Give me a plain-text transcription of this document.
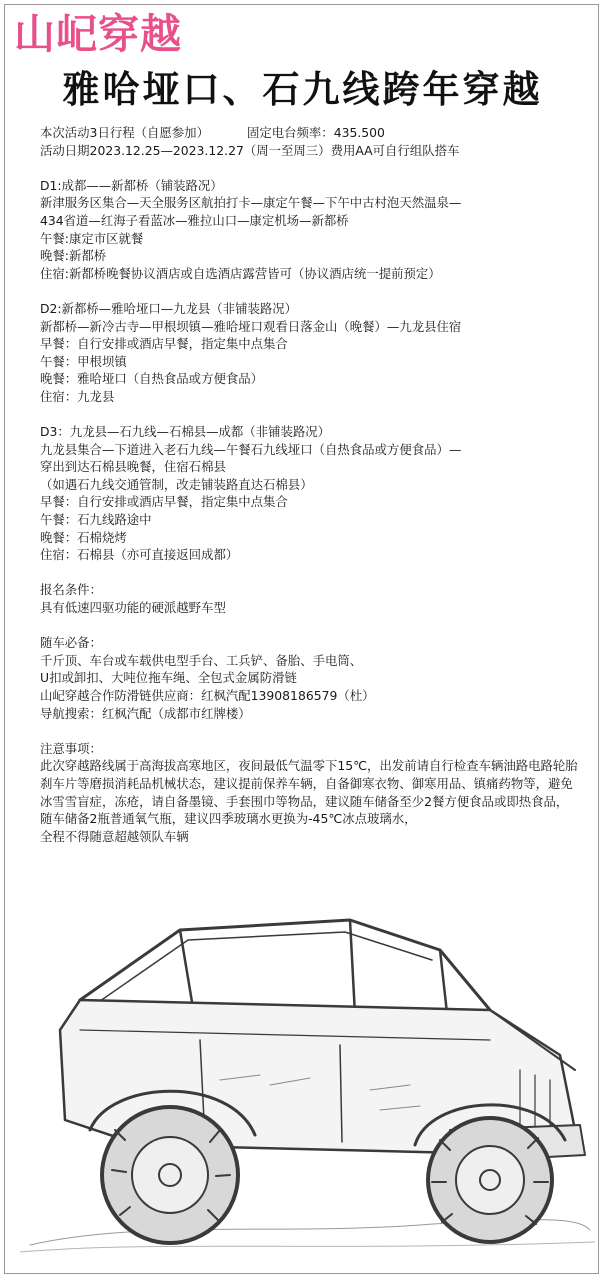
山屺穿越
雅哈垭口、石九线跨年穿越
本次活动3日行程（自愿参加）	固定电台频率：435.500
活动日期2023.12.25—2023.12.27（周一至周三）费用AA可自行组队搭车
D1:成都——新都桥（铺装路况）
新津服务区集合—天全服务区航拍打卡—康定午餐—下午中古村泡天然温泉—
434省道—红海子看蓝冰—雅拉山口—康定机场—新都桥
午餐:康定市区就餐
晚餐:新都桥
住宿:新都桥晚餐协议酒店或自选酒店露营皆可（协议酒店统一提前预定）
D2:新都桥—雅哈垭口—九龙县（非铺装路况）
新都桥—新冷古寺—甲根坝镇—雅哈垭口观看日落金山（晚餐）—九龙县住宿
早餐：自行安排或酒店早餐，指定集中点集合
午餐：甲根坝镇
晚餐：雅哈垭口（自热食品或方便食品）
住宿：九龙县
D3：九龙县—石九线—石棉县—成都（非铺装路况）
九龙县集合—下道进入老石九线—午餐石九线垭口（自热食品或方便食品）—
穿出到达石棉县晚餐，住宿石棉县
（如遇石九线交通管制，改走铺装路直达石棉县）
早餐：自行安排或酒店早餐，指定集中点集合
午餐：石九线路途中
晚餐：石棉烧烤
住宿：石棉县（亦可直接返回成都）
报名条件：
具有低速四驱功能的硬派越野车型
随车必备：
千斤顶、车台或车载供电型手台、工兵铲、备胎、手电筒、
U扣或卸扣、大吨位拖车绳、全包式金属防滑链
山屺穿越合作防滑链供应商：红枫汽配13908186579（杜）
导航搜索：红枫汽配（成都市红牌楼）
注意事项：
此次穿越路线属于高海拔高寒地区，夜间最低气温零下15℃，出发前请自行检查车辆油路电路轮胎刹车片等磨损消耗品机械状态，建议提前保养车辆，自备御寒衣物、御寒用品、镇痛药物等，避免冰雪雪盲症，冻疮，请自备墨镜、手套围巾等物品，建议随车储备至少2餐方便食品或即热食品，随车储备2瓶普通氧气瓶，建议四季玻璃水更换为-45℃冰点玻璃水，
全程不得随意超越领队车辆
